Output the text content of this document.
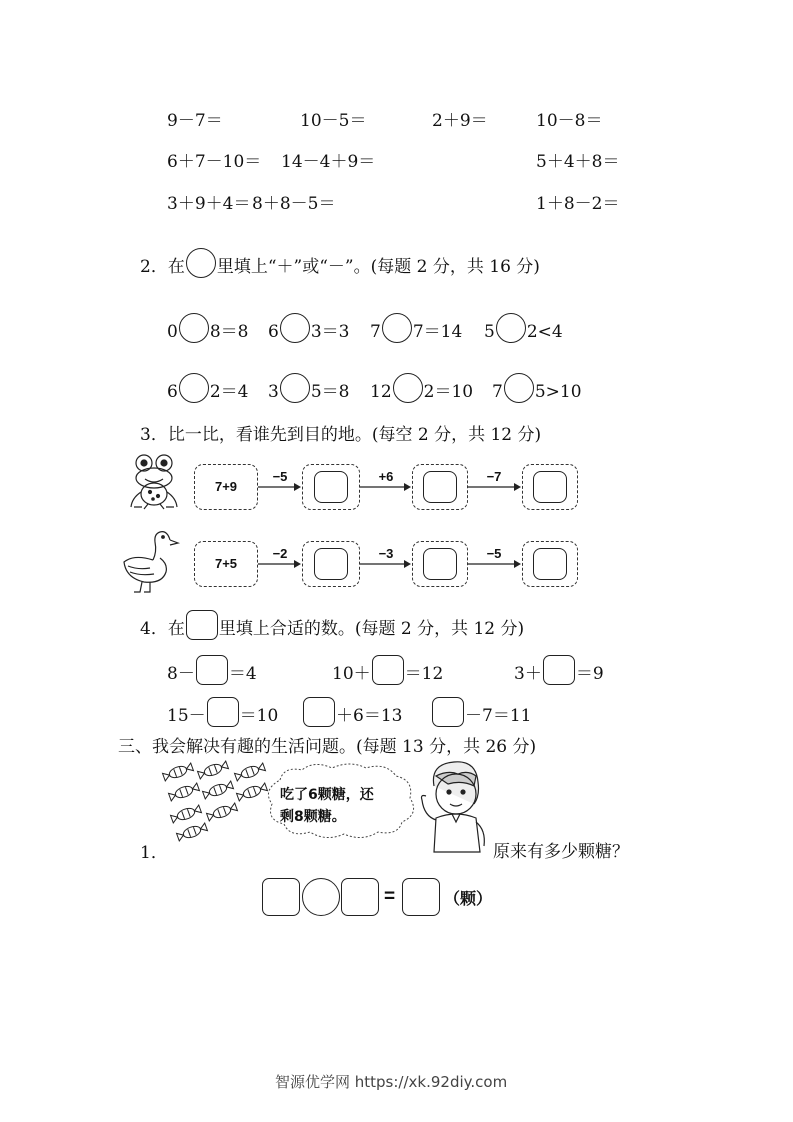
9－7＝	10－5＝	2＋9＝	10－8＝
6＋7－10＝ 14－4＋9＝	5＋4＋8＝
3＋9＋4＝ 8＋8－5＝	1＋8－2＝
2．在 里填上“＋”或“－”。(每题 2 分，共 16 分)
0 8＝8 6 3＝3 7 7＝14 5 2<4
6 2＝4 3 5＝8 12 2＝10 7 5>10
3．比一比，看谁先到目的地。(每空 2 分，共 12 分)
7+9
−5	+6	−7
7+5
−2	−3	−5
4．在 里填上合适的数。(每题 2 分，共 12 分)
8－ ＝4	10＋ ＝12	3＋ ＝9
15－ ＝10	＋6＝13	－7＝11
三、我会解决有趣的生活问题。(每题 13 分，共 26 分)
吃了6颗糖，还
剩8颗糖。
1．	原来有多少颗糖？
=	（颗）
智源优学网 https://xk.92diy.com
